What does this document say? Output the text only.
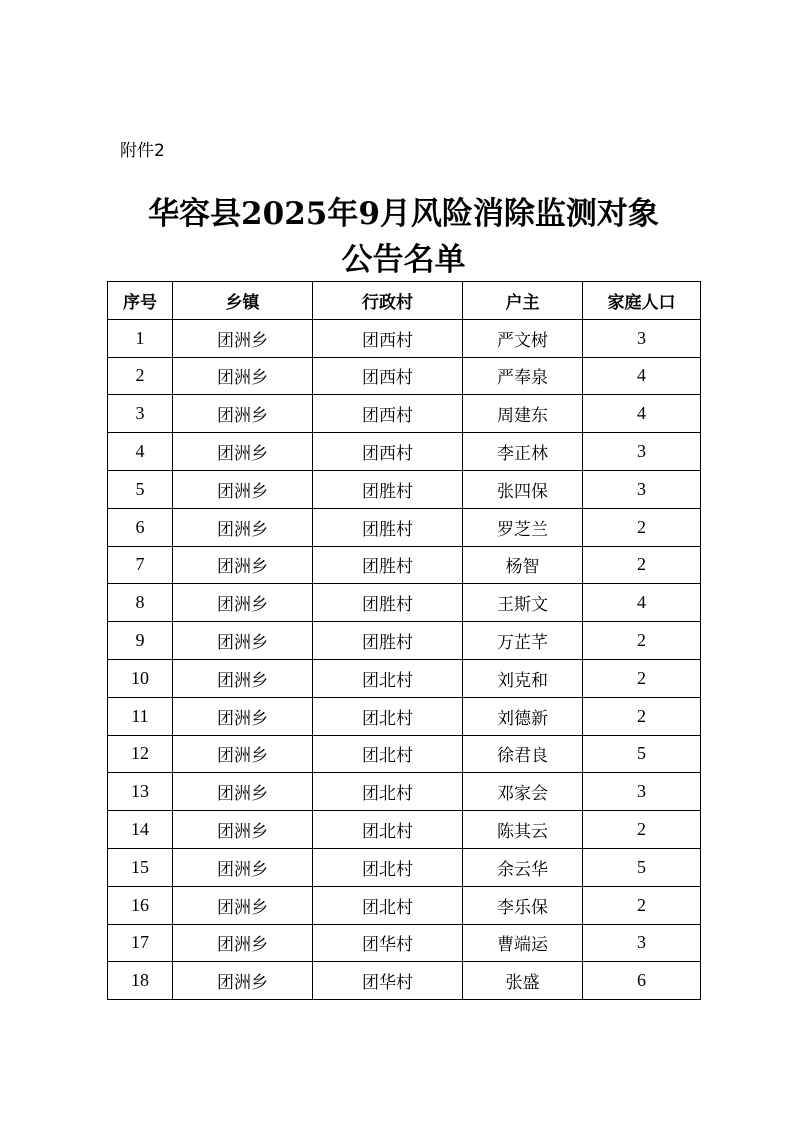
附件2
华容县2025年9月风险消除监测对象
公告名单
序号	乡镇	行政村	户主	家庭人口
1	团洲乡	团西村	严文树	3
2	团洲乡	团西村	严奉泉	4
3	团洲乡	团西村	周建东	4
4	团洲乡	团西村	李正林	3
5	团洲乡	团胜村	张四保	3
6	团洲乡	团胜村	罗芝兰	2
7	团洲乡	团胜村	杨智	2
8	团洲乡	团胜村	王斯文	4
9	团洲乡	团胜村	万芷芊	2
10	团洲乡	团北村	刘克和	2
11	团洲乡	团北村	刘德新	2
12	团洲乡	团北村	徐君良	5
13	团洲乡	团北村	邓家会	3
14	团洲乡	团北村	陈其云	2
15	团洲乡	团北村	余云华	5
16	团洲乡	团北村	李乐保	2
17	团洲乡	团华村	曹端运	3
18	团洲乡	团华村	张盛	6
